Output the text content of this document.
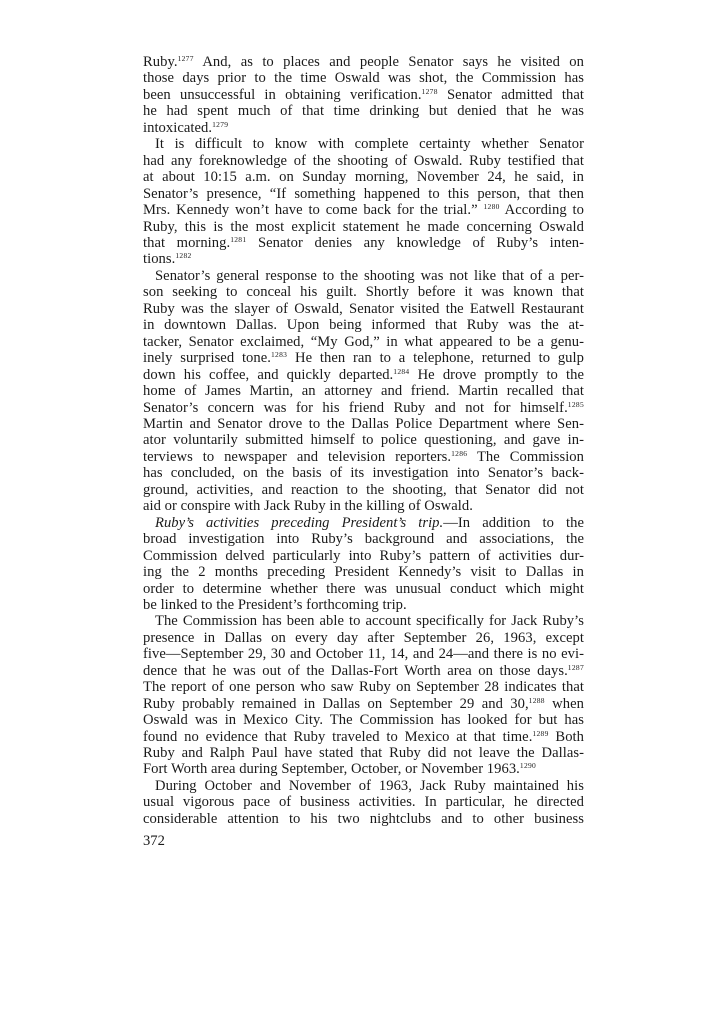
Ruby.$^{1277}$ And, as to places and people Senator says he visited on
those days prior to the time Oswald was shot, the Commission has
been unsuccessful in obtaining verification.$^{1278}$ Senator admitted that
he had spent much of that time drinking but denied that he was
intoxicated.$^{1279}$
It is difficult to know with complete certainty whether Senator
had any foreknowledge of the shooting of Oswald. Ruby testified that
at about 10:15 a.m. on Sunday morning, November 24, he said, in
Senator’s presence, “If something happened to this person, that then
Mrs. Kennedy won’t have to come back for the trial.” $^{1280}$ According to
Ruby, this is the most explicit statement he made concerning Oswald
that morning.$^{1281}$ Senator denies any knowledge of Ruby’s inten-
tions.$^{1282}$
Senator’s general response to the shooting was not like that of a per-
son seeking to conceal his guilt. Shortly before it was known that
Ruby was the slayer of Oswald, Senator visited the Eatwell Restaurant
in downtown Dallas. Upon being informed that Ruby was the at-
tacker, Senator exclaimed, “My God,” in what appeared to be a genu-
inely surprised tone.$^{1283}$ He then ran to a telephone, returned to gulp
down his coffee, and quickly departed.$^{1284}$ He drove promptly to the
home of James Martin, an attorney and friend. Martin recalled that
Senator’s concern was for his friend Ruby and not for himself.$^{1285}$
Martin and Senator drove to the Dallas Police Department where Sen-
ator voluntarily submitted himself to police questioning, and gave in-
terviews to newspaper and television reporters.$^{1286}$ The Commission
has concluded, on the basis of its investigation into Senator’s back-
ground, activities, and reaction to the shooting, that Senator did not
aid or conspire with Jack Ruby in the killing of Oswald.
Ruby’s activities preceding President’s trip.—In addition to the
broad investigation into Ruby’s background and associations, the
Commission delved particularly into Ruby’s pattern of activities dur-
ing the 2 months preceding President Kennedy’s visit to Dallas in
order to determine whether there was unusual conduct which might
be linked to the President’s forthcoming trip.
The Commission has been able to account specifically for Jack Ruby’s
presence in Dallas on every day after September 26, 1963, except
five—September 29, 30 and October 11, 14, and 24—and there is no evi-
dence that he was out of the Dallas-Fort Worth area on those days.$^{1287}$
The report of one person who saw Ruby on September 28 indicates that
Ruby probably remained in Dallas on September 29 and 30,$^{1288}$ when
Oswald was in Mexico City. The Commission has looked for but has
found no evidence that Ruby traveled to Mexico at that time.$^{1289}$ Both
Ruby and Ralph Paul have stated that Ruby did not leave the Dallas-
Fort Worth area during September, October, or November 1963.$^{1290}$
During October and November of 1963, Jack Ruby maintained his
usual vigorous pace of business activities. In particular, he directed
considerable attention to his two nightclubs and to other business
372
